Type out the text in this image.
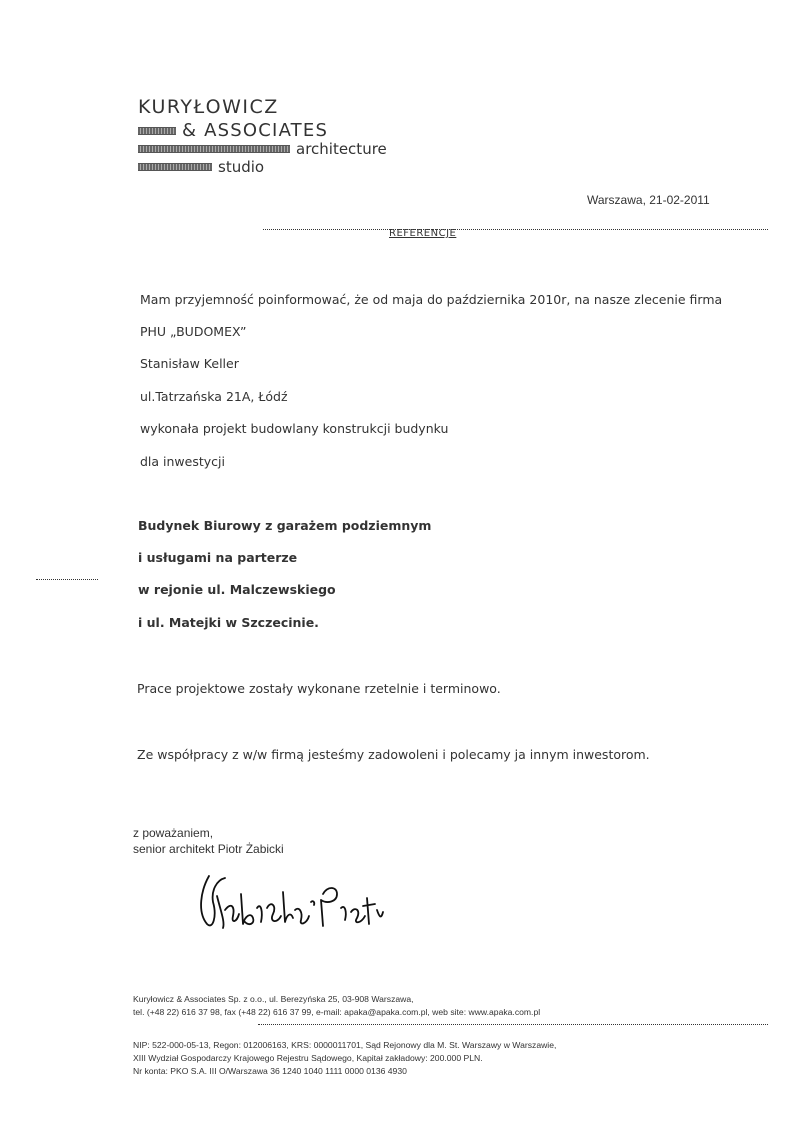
KURYŁOWICZ
& ASSOCIATES
architecture
studio
Warszawa, 21-02-2011
REFERENCJE
Mam przyjemność poinformować, że od maja do października 2010r, na nasze zlecenie firma
PHU „BUDOMEX”
Stanisław Keller
ul.Tatrzańska 21A, Łódź
wykonała projekt budowlany konstrukcji budynku
dla inwestycji
Budynek Biurowy z garażem podziemnym
i usługami na parterze
w rejonie ul. Malczewskiego
i ul. Matejki w Szczecinie.
Prace projektowe zostały wykonane rzetelnie i terminowo.
Ze współpracy z w/w firmą jesteśmy zadowoleni i polecamy ja innym inwestorom.
z poważaniem,
senior architekt Piotr Żabicki
Kuryłowicz & Associates Sp. z o.o., ul. Berezyńska 25, 03-908 Warszawa,
tel. (+48 22) 616 37 98, fax (+48 22) 616 37 99, e-mail: apaka@apaka.com.pl, web site: www.apaka.com.pl
NIP: 522-000-05-13, Regon: 012006163, KRS: 0000011701, Sąd Rejonowy dla M. St. Warszawy w Warszawie,
XIII Wydział Gospodarczy Krajowego Rejestru Sądowego, Kapitał zakładowy: 200.000 PLN.
Nr konta: PKO S.A. III O/Warszawa 36 1240 1040 1111 0000 0136 4930
